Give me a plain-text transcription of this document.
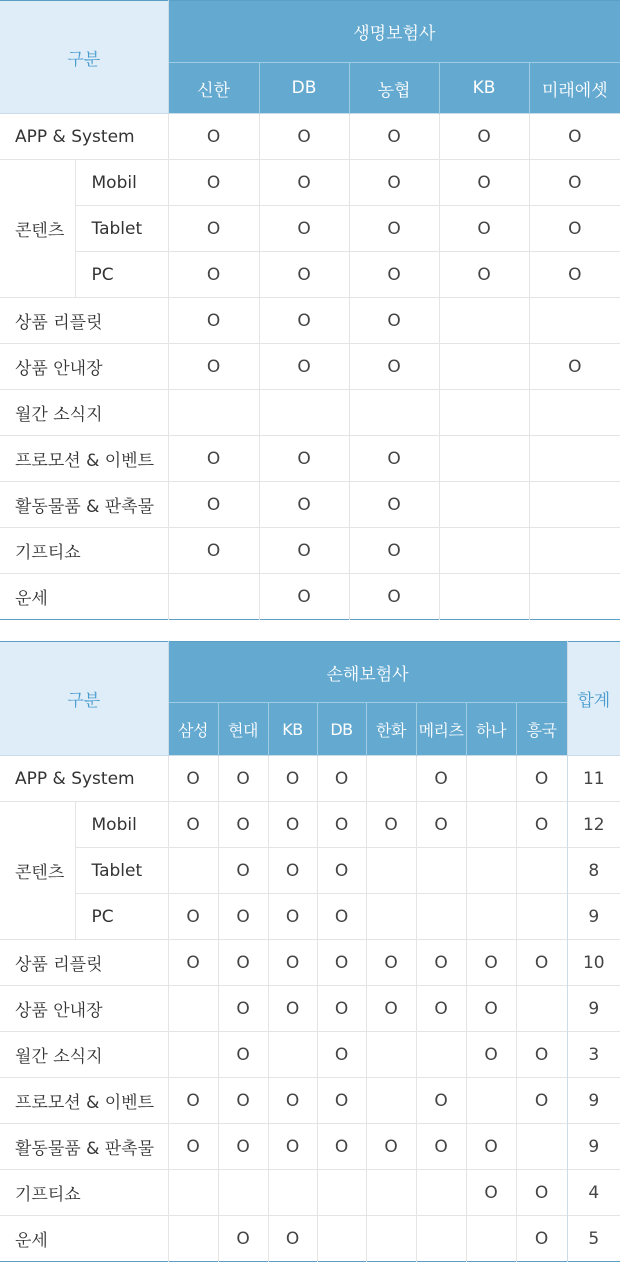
구분		생명보험사				
		신한	DB	농협	KB	미래에셋
APP & System		O	O	O	O	O
콘텐츠	Mobil	O	O	O	O	O
	Tablet	O	O	O	O	O
	PC	O	O	O	O	O
상품 리플릿		O	O	O		
상품 안내장		O	O	O		O
월간 소식지						
프로모션 & 이벤트		O	O	O		
활동물품 & 판촉물		O	O	O		
기프티쇼		O	O	O		
운세			O	O		
구분		손해보험사								합계
		삼성	현대	KB	DB	한화	메리츠	하나	흥국	
APP & System		O	O	O	O		O		O	11
콘텐츠	Mobil	O	O	O	O	O	O		O	12
	Tablet		O	O	O					8
	PC	O	O	O	O					9
상품 리플릿		O	O	O	O	O	O	O	O	10
상품 안내장			O	O	O	O	O	O		9
월간 소식지			O		O			O	O	3
프로모션 & 이벤트		O	O	O	O		O		O	9
활동물품 & 판촉물		O	O	O	O	O	O	O		9
기프티쇼								O	O	4
운세			O	O					O	5
